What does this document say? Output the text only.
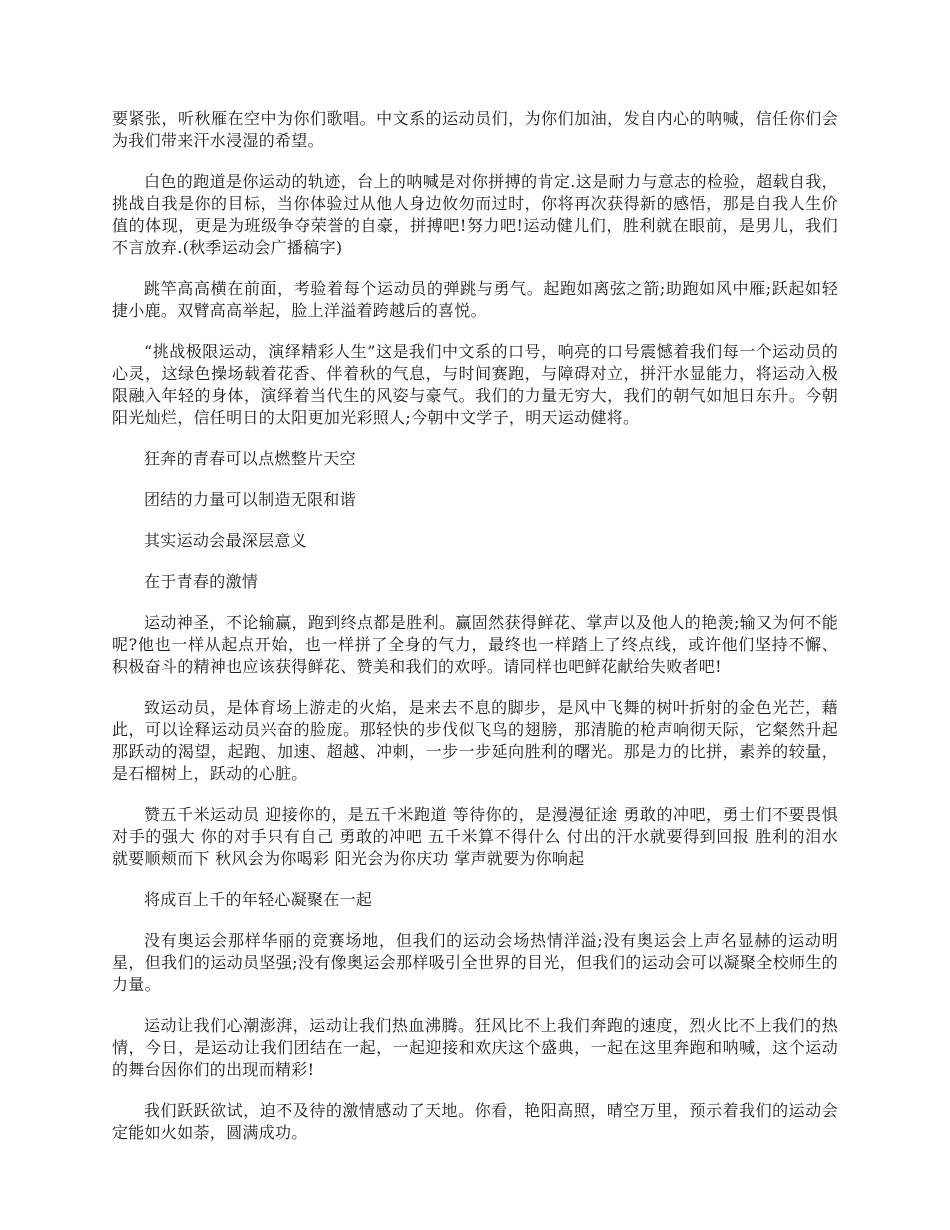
要紧张，听秋雁在空中为你们歌唱。中文系的运动员们，为你们加油，发自内心的呐喊，信任你们会为我们带来汗水浸湿的希望。

白色的跑道是你运动的轨迹，台上的呐喊是对你拼搏的肯定.这是耐力与意志的检验，超载自我，挑战自我是你的目标，当你体验过从他人身边攸勿而过时，你将再次获得新的感悟，那是自我人生价值的体现，更是为班级争夺荣誉的自豪，拼搏吧!努力吧!运动健儿们，胜利就在眼前，是男儿，我们不言放弃.(秋季运动会广播稿字)

跳竿高高横在前面，考验着每个运动员的弹跳与勇气。起跑如离弦之箭;助跑如风中雁;跃起如轻捷小鹿。双臂高高举起，脸上洋溢着跨越后的喜悦。

“挑战极限运动，演绎精彩人生”这是我们中文系的口号，响亮的口号震憾着我们每一个运动员的心灵，这绿色操场载着花香、伴着秋的气息，与时间赛跑，与障碍对立，拼汗水显能力，将运动入极限融入年轻的身体，演绎着当代生的风姿与豪气。我们的力量无穷大，我们的朝气如旭日东升。今朝阳光灿烂，信任明日的太阳更加光彩照人;今朝中文学子，明天运动健将。

狂奔的青春可以点燃整片天空

团结的力量可以制造无限和谐

其实运动会最深层意义

在于青春的激情

运动神圣，不论输赢，跑到终点都是胜利。赢固然获得鲜花、掌声以及他人的艳羡;输又为何不能呢?他也一样从起点开始，也一样拼了全身的气力，最终也一样踏上了终点线，或许他们坚持不懈、积极奋斗的精神也应该获得鲜花、赞美和我们的欢呼。请同样也吧鲜花献给失败者吧!

致运动员，是体育场上游走的火焰，是来去不息的脚步，是风中飞舞的树叶折射的金色光芒，藉此，可以诠释运动员兴奋的脸庞。那轻快的步伐似飞鸟的翅膀，那清脆的枪声响彻天际，它粲然升起那跃动的渴望，起跑、加速、超越、冲刺，一步一步延向胜利的曙光。那是力的比拼，素养的较量，是石榴树上，跃动的心脏。

赞五千米运动员 迎接你的，是五千米跑道 等待你的，是漫漫征途 勇敢的冲吧，勇士们不要畏惧对手的强大 你的对手只有自己 勇敢的冲吧 五千米算不得什么 付出的汗水就要得到回报 胜利的泪水就要顺颊而下 秋风会为你喝彩 阳光会为你庆功 掌声就要为你响起

将成百上千的年轻心凝聚在一起

没有奥运会那样华丽的竞赛场地，但我们的运动会场热情洋溢;没有奥运会上声名显赫的运动明星，但我们的运动员坚强;没有像奥运会那样吸引全世界的目光，但我们的运动会可以凝聚全校师生的力量。

运动让我们心潮澎湃，运动让我们热血沸腾。狂风比不上我们奔跑的速度，烈火比不上我们的热情，今日，是运动让我们团结在一起，一起迎接和欢庆这个盛典，一起在这里奔跑和呐喊，这个运动的舞台因你们的出现而精彩!

我们跃跃欲试，迫不及待的激情感动了天地。你看，艳阳高照，晴空万里，预示着我们的运动会定能如火如荼，圆满成功。
